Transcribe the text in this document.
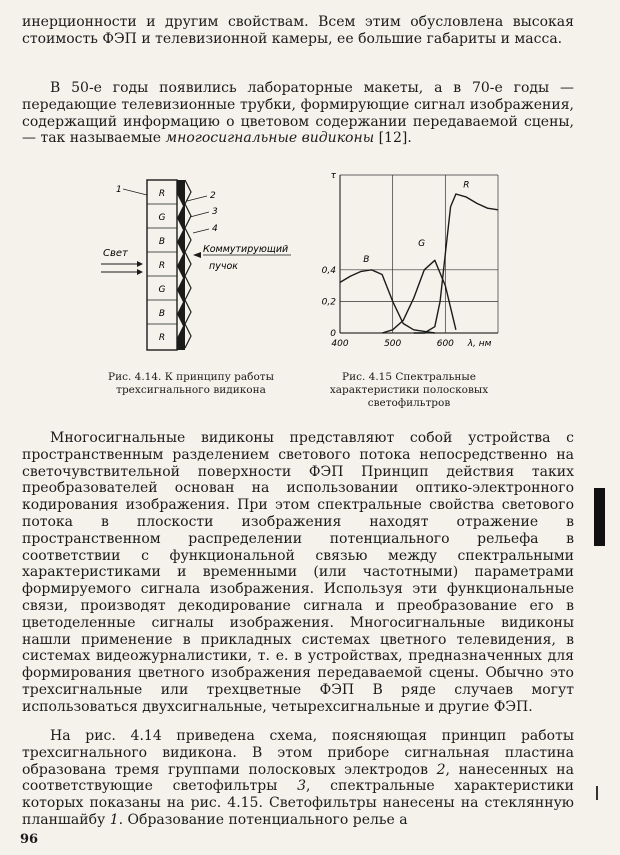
инерционности и другим свойствам. Всем этим обусловлена высокая стоимость ФЭП и телевизионной камеры, ее большие габариты и масса.

В 50-е годы появились лабораторные макеты, а в 70-е годы — передающие телевизионные трубки, формирующие сигнал изображения, содержащий информацию о цветовом содержании передаваемой сцены, — так называемые многосигнальные видиконы [12].

R
G
B
R
G
B
R
1
2
3
4
Свет	Коммутирующий
пучок

Рис. 4.14. К принципу работы трехсигнального видикона

0
0,2
0,4
τ
400	500	600 λ, нм
B
G
R

Рис. 4.15 Спектральные характеристики полосковых светофильтров

Многосигнальные видиконы представляют собой устройства с пространственным разделением светового потока непосредственно на светочувствительной поверхности ФЭП Принцип действия таких преобразователей основан на использовании оптико-электронного кодирования изображения. При этом спектральные свойства светового потока в плоскости изображения находят отражение в пространственном распределении потенциального рельефа в соответствии с функциональной связью между спектральными характеристиками и временными (или частотными) параметрами формируемого сигнала изображения. Используя эти функциональные связи, производят декодирование сигнала и преобразование его в цветоделенные сигналы изображения. Многосигнальные видиконы нашли применение в прикладных системах цветного телевидения, в системах видеожурналистики, т. е. в устройствах, предназначенных для формирования цветного изображения передаваемой сцены. Обычно это трехсигнальные или трехцветные ФЭП В ряде случаев могут использоваться двухсигнальные, четырехсигнальные и другие ФЭП.

На рис. 4.14 приведена схема, поясняющая принцип работы трехсигнального видикона. В этом приборе сигнальная пластина образована тремя группами полосковых электродов 2, нанесенных на соответствующие светофильтры 3, спектральные характеристики которых показаны на рис. 4.15. Светофильтры нанесены на стеклянную планшайбу 1. Образование потенциального релье а

96
